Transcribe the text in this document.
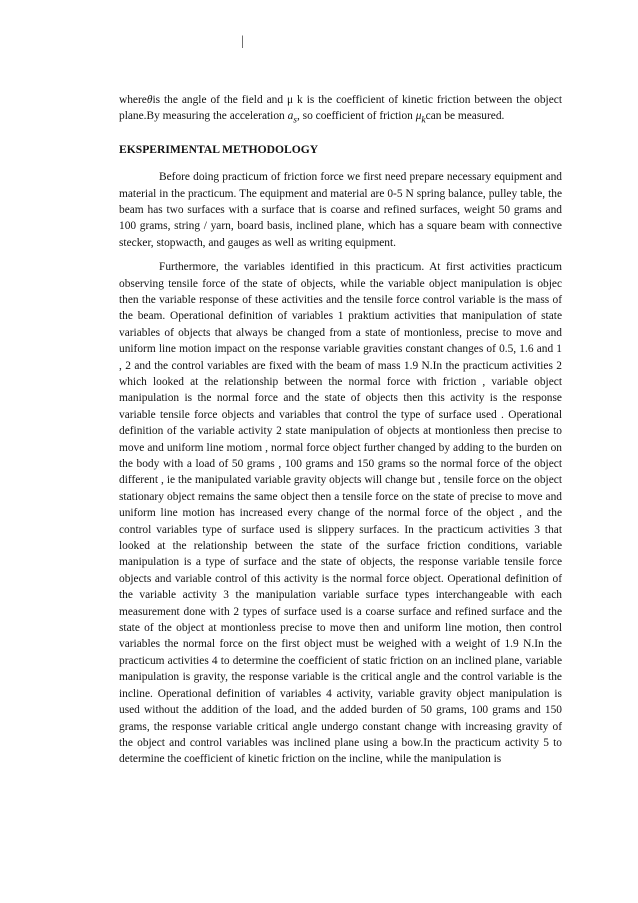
|

whereθis the angle of the field and μ k is the coefficient of kinetic friction between the object plane.By measuring the acceleration $a_s$, so coefficient of friction $\mu_kcan$ be measured.

EKSPERIMENTAL METHODOLOGY

Before doing practicum of friction force we first need prepare necessary equipment and material in the practicum. The equipment and material are 0-5 N spring balance, pulley table, the beam has two surfaces with a surface that is coarse and refined surfaces, weight 50 grams and 100 grams, string / yarn, board basis, inclined plane, which has a square beam with connective stecker, stopwacth, and gauges as well as writing equipment.

Furthermore, the variables identified in this practicum. At first activities practicum observing tensile force of the state of objects, while the variable object manipulation is objec then the variable response of these activities and the tensile force control variable is the mass of the beam. Operational definition of variables 1 praktium activities that manipulation of state variables of objects that always be changed from a state of montionless, precise to move and uniform line motion impact on the response variable gravities constant changes of 0.5, 1.6 and 1 , 2 and the control variables are fixed with the beam of mass 1.9 N.In the practicum activities 2 which looked at the relationship between the normal force with friction , variable object manipulation is the normal force and the state of objects then this activity is the response variable tensile force objects and variables that control the type of surface used . Operational definition of the variable activity 2 state manipulation of objects at montionless then precise to move and uniform line motiom , normal force object further changed by adding to the burden on the body with a load of 50 grams , 100 grams and 150 grams so the normal force of the object different , ie the manipulated variable gravity objects will change but , tensile force on the object stationary object remains the same object then a tensile force on the state of precise to move and uniform line motion has increased every change of the normal force of the object , and the control variables type of surface used is slippery surfaces. In the practicum activities 3 that looked at the relationship between the state of the surface friction conditions, variable manipulation is a type of surface and the state of objects, the response variable tensile force objects and variable control of this activity is the normal force object. Operational definition of the variable activity 3 the manipulation variable surface types interchangeable with each measurement done with 2 types of surface used is a coarse surface and refined surface and the state of the object at montionless precise to move then and uniform line motion, then control variables the normal force on the first object must be weighed with a weight of 1.9 N.In the practicum activities 4 to determine the coefficient of static friction on an inclined plane, variable manipulation is gravity, the response variable is the critical angle and the control variable is the incline. Operational definition of variables 4 activity, variable gravity object manipulation is used without the addition of the load, and the added burden of 50 grams, 100 grams and 150 grams, the response variable critical angle undergo constant change with increasing gravity of the object and control variables was inclined plane using a bow.In the practicum activity 5 to determine the coefficient of kinetic friction on the incline, while the manipulation is
